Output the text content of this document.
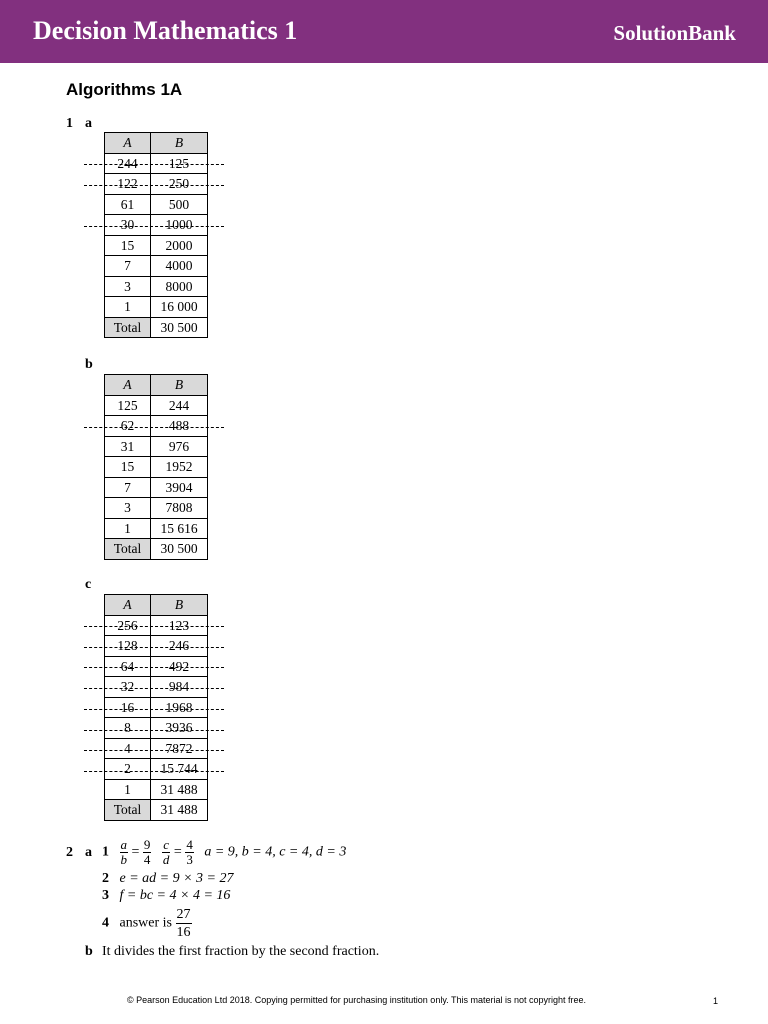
Decision Mathematics 1	SolutionBank
Algorithms 1A
1 a
A	B
244	125
122	250
61	500
30	1000
15	2000
7	4000
3	8000
1	16 000
Total	30 500
b
A	B
125	244
62	488
31	976
15	1952
7	3904
3	7808
1	15 616
Total	30 500
c
A	B
256	123
128	246
64	492
32	984
16	1968
8	3936
4	7872
2	15 744
1	31 488
Total	31 488
2 a $1 \frac{a}{b} = \frac{9}{4}$
$\frac{c}{d} = \frac{4}{3}$ a = 9, b = 4, c = 4, d = 3
2 e = ad = 9 × 3 = 27
3 f = bc = 4 × 4 = 16
4 answer is $\frac{27}{16}$
b It divides the first fraction by the second fraction.
© Pearson Education Ltd 2018. Copying permitted for purchasing institution only. This material is not copyright free.	1
